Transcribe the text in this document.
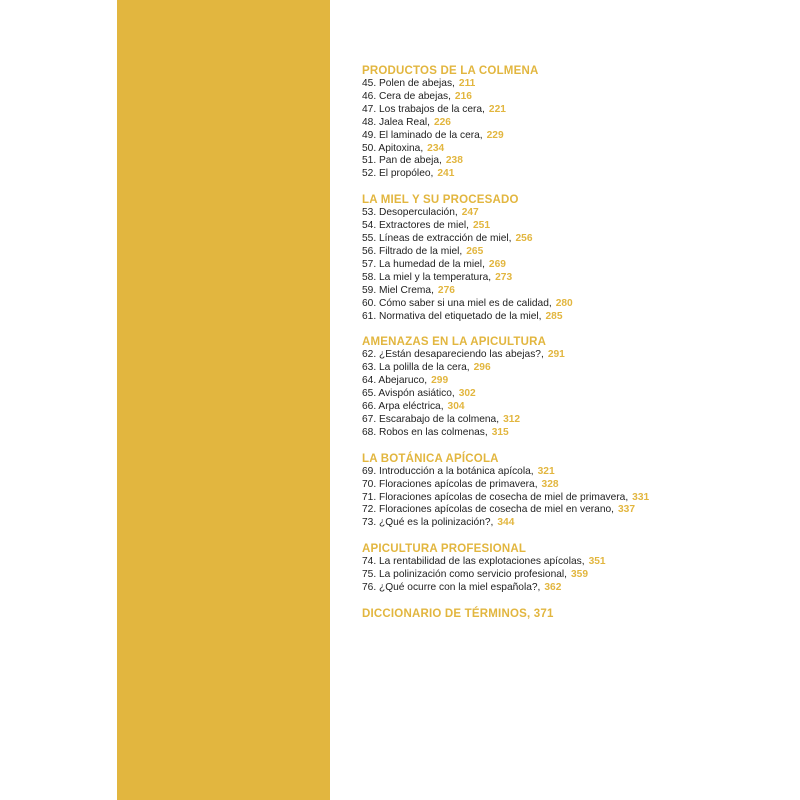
PRODUCTOS DE LA COLMENA
45. Polen de abejas, 211
46. Cera de abejas, 216
47. Los trabajos de la cera, 221
48. Jalea Real, 226
49. El laminado de la cera, 229
50. Apitoxina, 234
51. Pan de abeja, 238
52. El propóleo, 241
LA MIEL Y SU PROCESADO
53. Desoperculación, 247
54. Extractores de miel, 251
55. Líneas de extracción de miel, 256
56. Filtrado de la miel, 265
57. La humedad de la miel, 269
58. La miel y la temperatura, 273
59. Miel Crema, 276
60. Cómo saber si una miel es de calidad, 280
61. Normativa del etiquetado de la miel, 285
AMENAZAS EN LA APICULTURA
62. ¿Están desapareciendo las abejas?, 291
63. La polilla de la cera, 296
64. Abejaruco, 299
65. Avispón asiático, 302
66. Arpa eléctrica, 304
67. Escarabajo de la colmena, 312
68. Robos en las colmenas, 315
LA BOTÁNICA APÍCOLA
69. Introducción a la botánica apícola, 321
70. Floraciones apícolas de primavera, 328
71. Floraciones apícolas de cosecha de miel de primavera, 331
72. Floraciones apícolas de cosecha de miel en verano, 337
73. ¿Qué es la polinización?, 344
APICULTURA PROFESIONAL
74. La rentabilidad de las explotaciones apícolas, 351
75. La polinización como servicio profesional, 359
76. ¿Qué ocurre con la miel española?, 362
DICCIONARIO DE TÉRMINOS, 371
